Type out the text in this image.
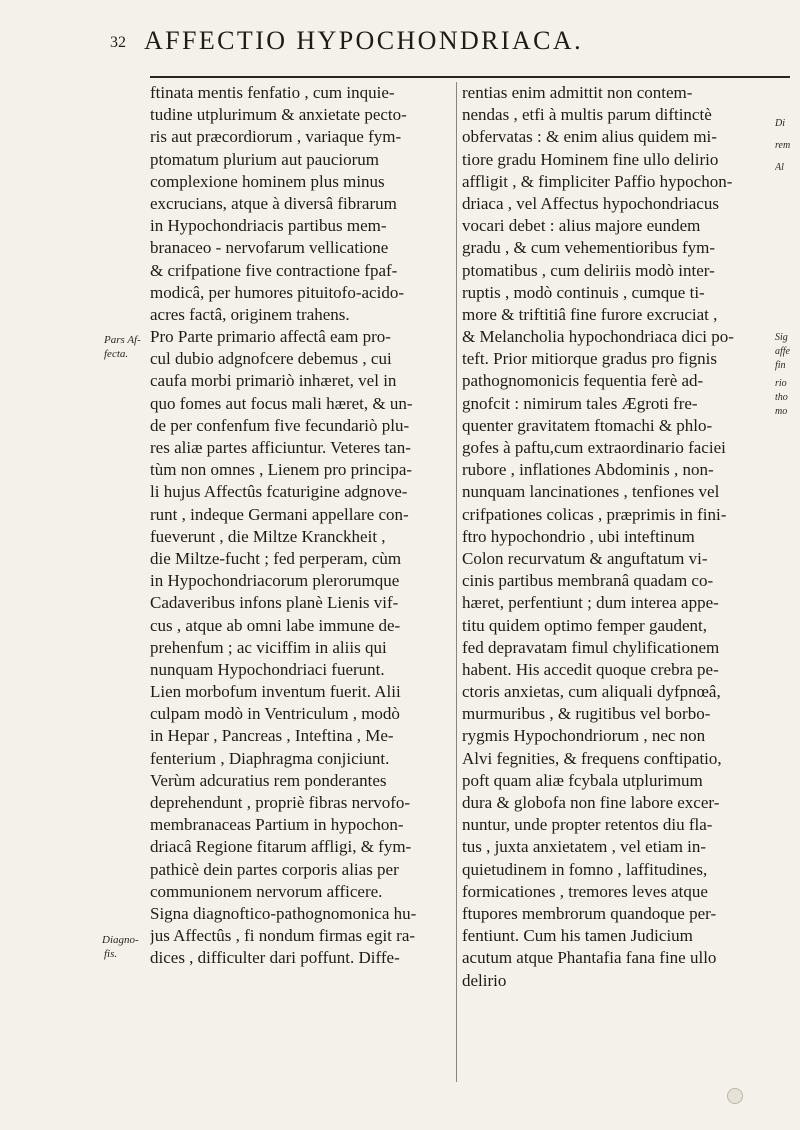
32 AFFECTIO HYPOCHONDRIACA.
ftinata mentis fenfatio , cum inquie-
tudine utplurimum & anxietate pecto-
ris aut præcordiorum , variaque fym-
ptomatum plurium aut pauciorum
complexione hominem plus minus
excrucians, atque à diversâ fibrarum
in Hypochondriacis partibus mem-
branaceo - nervofarum vellicatione
& crifpatione five contractione fpaf-
modicâ, per humores pituitofo-acido-
acres factâ, originem trahens.
Pro Parte primario affectâ eam pro-
cul dubio adgnofcere debemus , cui
caufa morbi primariò inhæret, vel in
quo fomes aut focus mali hæret, & un-
de per confenfum five fecundariò plu-
res aliæ partes afficiuntur. Veteres tan-
tùm non omnes , Lienem pro principa-
li hujus Affectûs fcaturigine adgnove-
runt , indeque Germani appellare con-
fueverunt , die Miltze Kranckheit ,
die Miltze-fucht ; fed perperam, cùm
in Hypochondriacorum plerorumque
Cadaveribus infons planè Lienis vif-
cus , atque ab omni labe immune de-
prehenfum ; ac viciffim in aliis qui
nunquam Hypochondriaci fuerunt.
Lien morbofum inventum fuerit. Alii
culpam modò in Ventriculum , modò
in Hepar , Pancreas , Inteftina , Me-
fenterium , Diaphragma conjiciunt.
Verùm adcuratius rem ponderantes
deprehendunt , propriè fibras nervofo-
membranaceas Partium in hypochon-
driacâ Regione fitarum affligi, & fym-
pathicè dein partes corporis alias per
communionem nervorum afficere.
Signa diagnoftico-pathognomonica hu-
jus Affectûs , fi nondum firmas egit ra-
dices , difficulter dari poffunt. Diffe-
rentias enim admittit non contem-
nendas , etfi à multis parum diftinctè
obfervatas : & enim alius quidem mi-
tiore gradu Hominem fine ullo delirio
affligit , & fimpliciter Paffio hypochon-
driaca , vel Affectus hypochondriacus
vocari debet : alius majore eundem
gradu , & cum vehementioribus fym-
ptomatibus , cum deliriis modò inter-
ruptis , modò continuis , cumque ti-
more & triftitiâ fine furore excruciat ,
& Melancholia hypochondriaca dici po-
teft. Prior mitiorque gradus pro fignis
pathognomonicis fequentia ferè ad-
gnofcit : nimirum tales Ægroti fre-
quenter gravitatem ftomachi & phlo-
gofes à paftu,cum extraordinario faciei
rubore , inflationes Abdominis , non-
nunquam lancinationes , tenfiones vel
crifpationes colicas , præprimis in fini-
ftro hypochondrio , ubi inteftinum
Colon recurvatum & anguftatum vi-
cinis partibus membranâ quadam co-
hæret, perfentiunt ; dum interea appe-
titu quidem optimo femper gaudent,
fed depravatam fimul chylificationem
habent. His accedit quoque crebra pe-
ctoris anxietas, cum aliquali dyfpnœâ,
murmuribus , & rugitibus vel borbo-
rygmis Hypochondriorum , nec non
Alvi fegnities, & frequens conftipatio,
poft quam aliæ fcybala utplurimum
dura & globofa non fine labore excer-
nuntur, unde propter retentos diu fla-
tus , juxta anxietatem , vel etiam in-
quietudinem in fomno , laffitudines,
formicationes , tremores leves atque
ftupores membrorum quandoque per-
fentiunt. Cum his tamen Judicium
acutum atque Phantafia fana fine ullo
delirio
Pars Af-
fecta.
Diagno-
fis.
Di
rem
Al
Sig
affe
fin
rio
tho
mo
